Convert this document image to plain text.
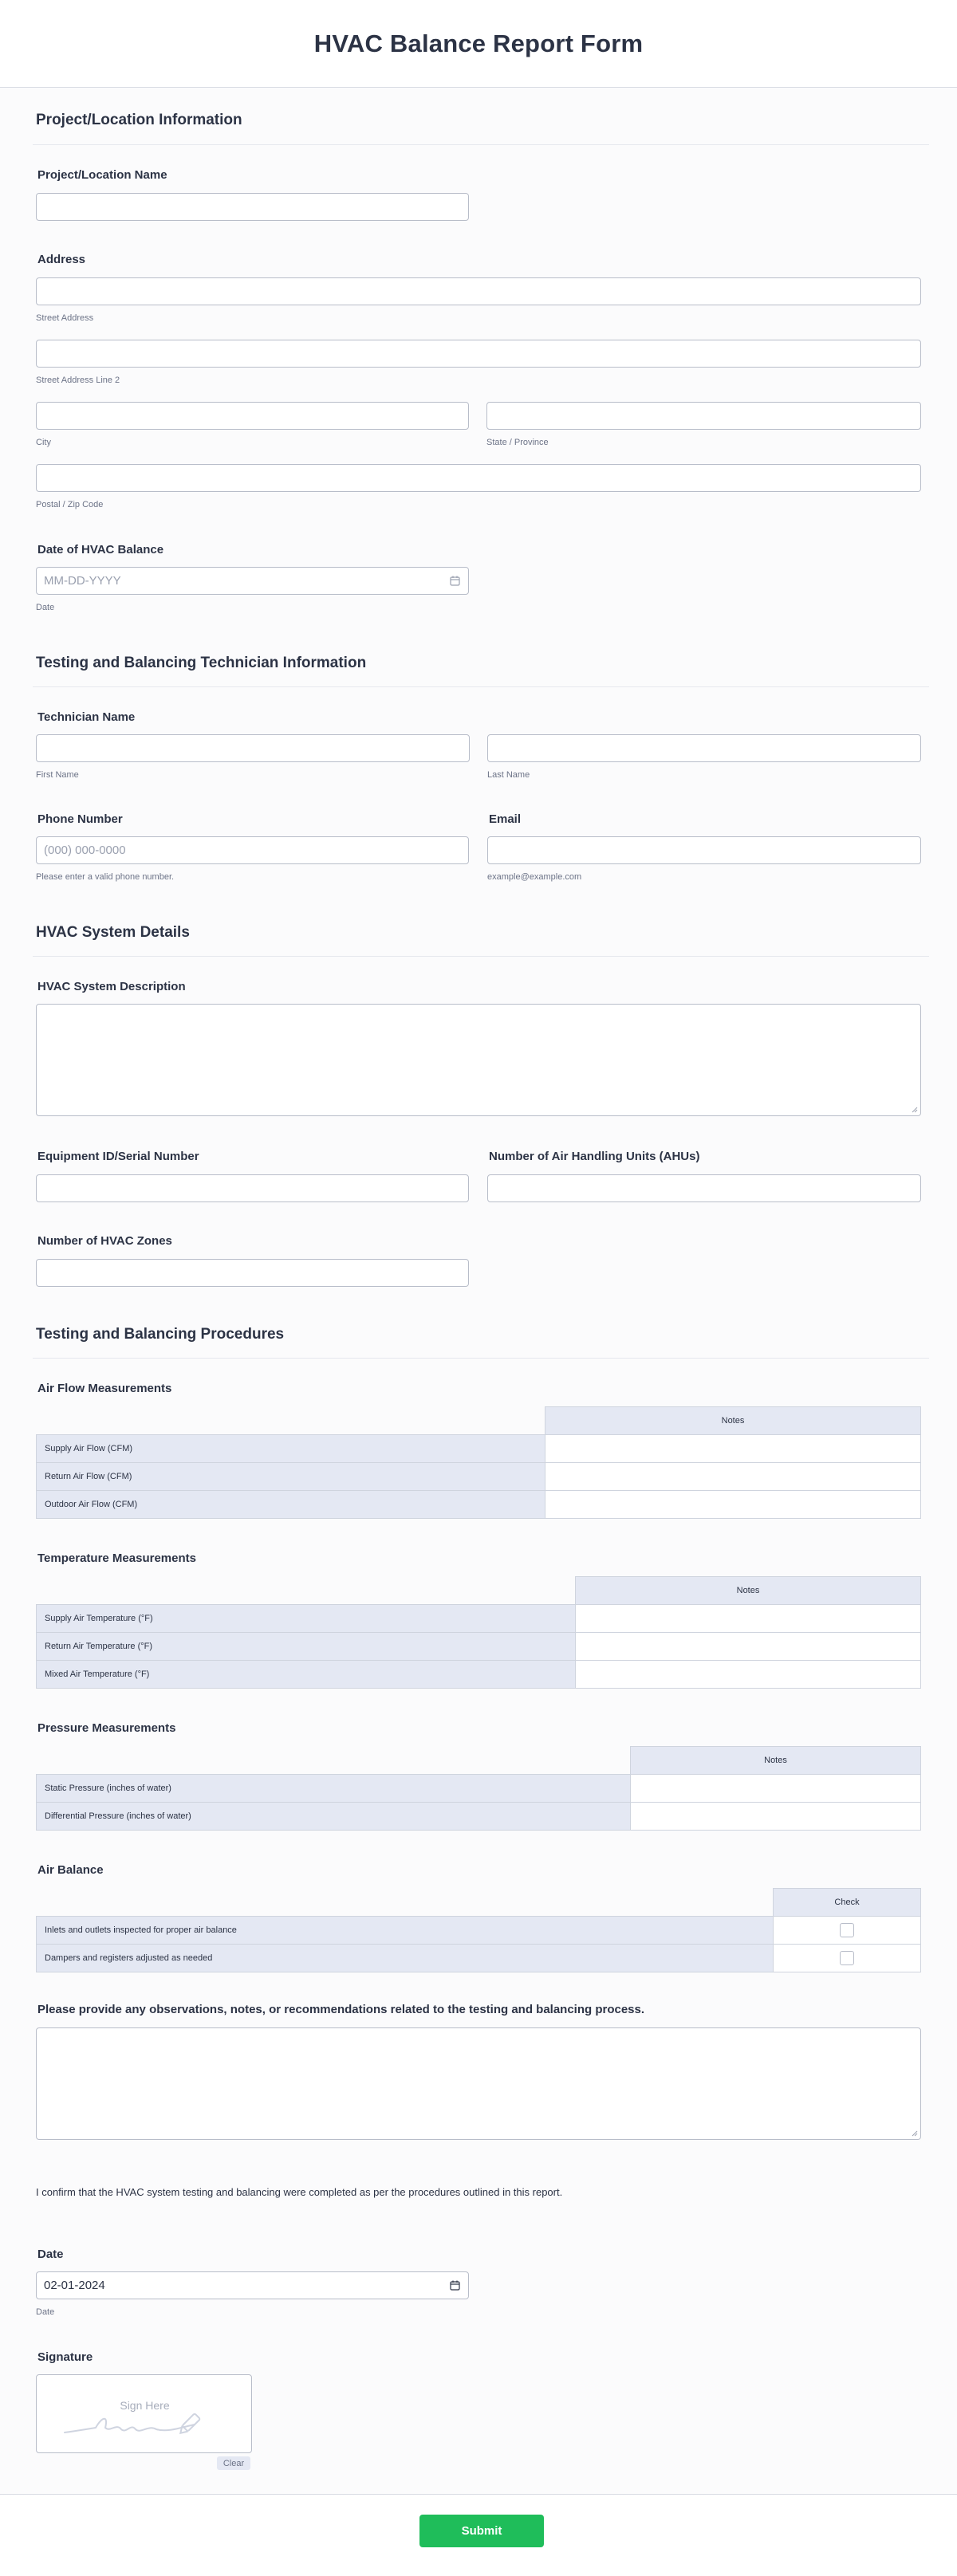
HVAC Balance Report Form
Project/Location Information
Project/Location Name
Address
Street Address
Street Address Line 2
City	State / Province
Postal / Zip Code
Date of HVAC Balance
MM-DD-YYYY
Date
Testing and Balancing Technician Information
Technician Name
First Name	Last Name
Phone Number
(000) 000-0000
Please enter a valid phone number.
Email
example@example.com
HVAC System Details
HVAC System Description
Equipment ID/Serial Number	Number of Air Handling Units (AHUs)
Number of HVAC Zones
Testing and Balancing Procedures
Air Flow Measurements
	Notes
Supply Air Flow (CFM)	
Return Air Flow (CFM)	
Outdoor Air Flow (CFM)	
Temperature Measurements
	Notes
Supply Air Temperature (°F)	
Return Air Temperature (°F)	
Mixed Air Temperature (°F)	
Pressure Measurements
	Notes
Static Pressure (inches of water)	
Differential Pressure (inches of water)	
Air Balance
	Check
Inlets and outlets inspected for proper air balance	

Dampers and registers adjusted as needed	
Please provide any observations, notes, or recommendations related to the testing and balancing process.
I confirm that the HVAC system testing and balancing were completed as per the procedures outlined in this report.
Date
02-01-2024
Date
Signature
Sign Here
Clear
Submit
